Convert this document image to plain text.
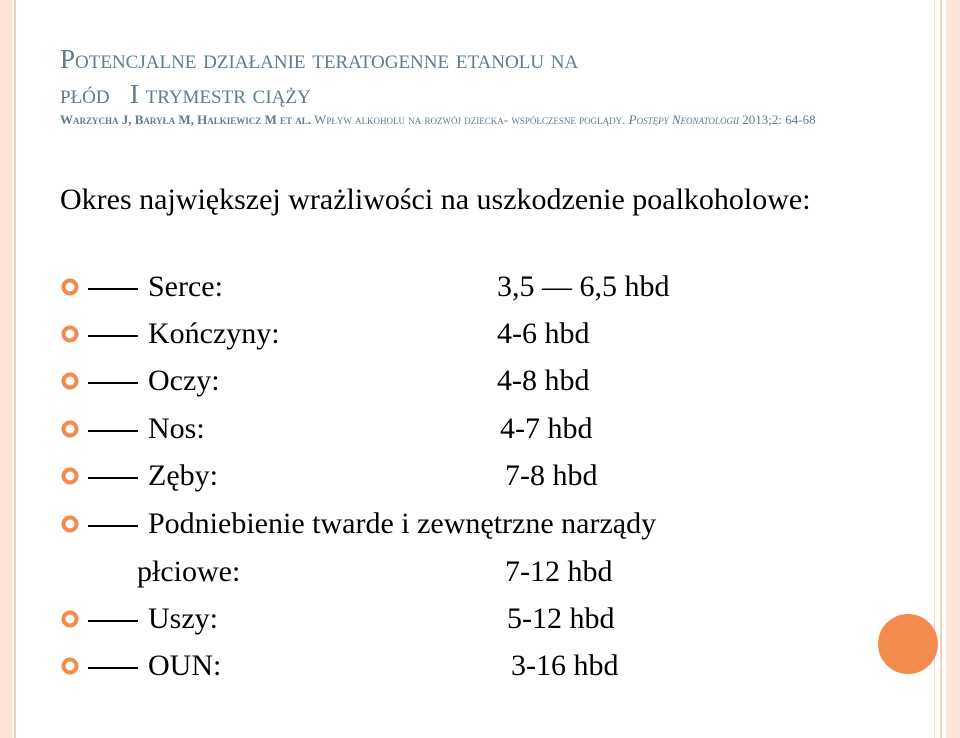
Potencjalne działanie teratogenne etanolu na
płód   I trymestr ciąży
Warzycha J, Baryła M, Halkiewicz M et al. Wpływ alkoholu na rozwój dziecka- współczesne poglądy. Postępy Neonatologii 2013;2: 64-68
Okres największej wrażliwości na uszkodzenie poalkoholowe:
Serce:	3,5 — 6,5 hbd
Kończyny:	4-6 hbd
Oczy:	4-8 hbd
Nos:	4-7 hbd
Zęby:	7-8 hbd
Podniebienie twarde i zewnętrzne narządy
płciowe:	7-12 hbd
Uszy:	5-12 hbd
OUN:	3-16 hbd
